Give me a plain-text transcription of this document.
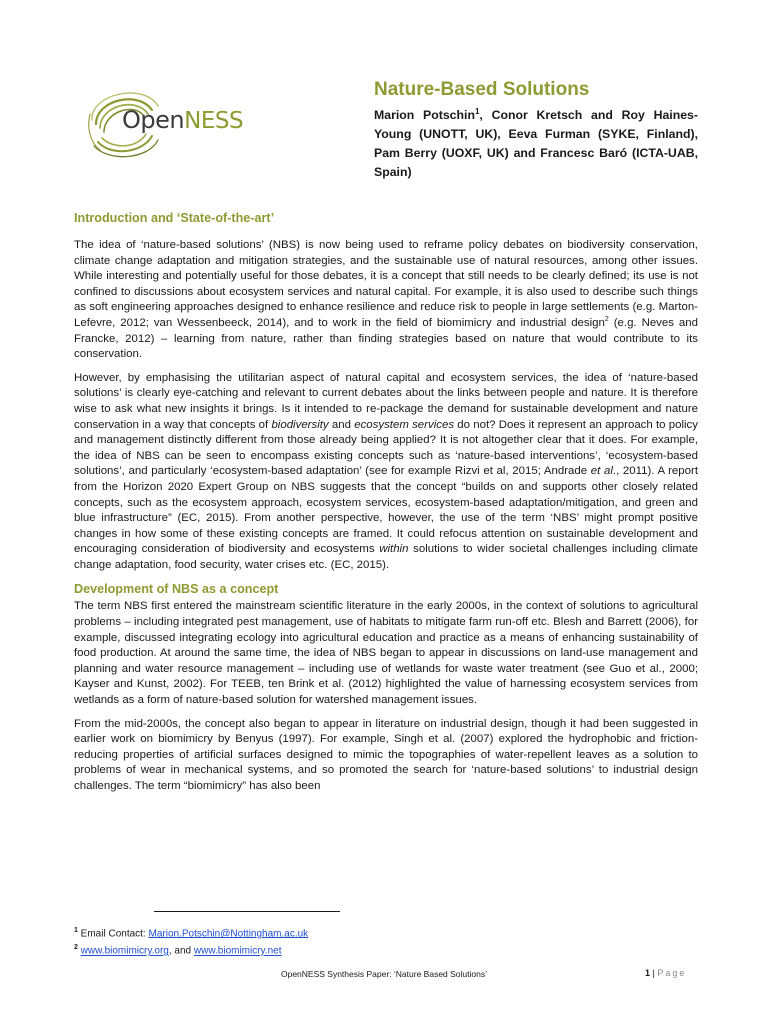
OpenNESS
Nature-Based Solutions
Marion Potschin$^1$, Conor Kretsch and Roy Haines-Young (UNOTT, UK), Eeva Furman (SYKE, Finland), Pam Berry (UOXF, UK) and Francesc Baró (ICTA-UAB, Spain)
Introduction and ‘State-of-the-art’

The idea of ‘nature-based solutions’ (NBS) is now being used to reframe policy debates on biodiversity conservation, climate change adaptation and mitigation strategies, and the sustainable use of natural resources, among other issues. While interesting and potentially useful for those debates, it is a concept that still needs to be clearly defined; its use is not confined to discussions about ecosystem services and natural capital. For example, it is also used to describe such things as soft engineering approaches designed to enhance resilience and reduce risk to people in large settlements (e.g. Marton-Lefevre, 2012; van Wessenbeeck, 2014), and to work in the field of biomimicry and industrial design$^2$ (e.g. Neves and Francke, 2012) – learning from nature, rather than finding strategies based on nature that would contribute to its conservation.

However, by emphasising the utilitarian aspect of natural capital and ecosystem services, the idea of ‘nature-based solutions’ is clearly eye-catching and relevant to current debates about the links between people and nature. It is therefore wise to ask what new insights it brings. Is it intended to re-package the demand for sustainable development and nature conservation in a way that concepts of biodiversity and ecosystem services do not? Does it represent an approach to policy and management distinctly different from those already being applied? It is not altogether clear that it does. For example, the idea of NBS can be seen to encompass existing concepts such as ‘nature-based interventions’, ‘ecosystem-based solutions’, and particularly ‘ecosystem-based adaptation’ (see for example Rizvi et al, 2015; Andrade et al., 2011). A report from the Horizon 2020 Expert Group on NBS suggests that the concept “builds on and supports other closely related concepts, such as the ecosystem approach, ecosystem services, ecosystem-based adaptation/mitigation, and green and blue infrastructure” (EC, 2015). From another perspective, however, the use of the term ‘NBS’ might prompt positive changes in how some of these existing concepts are framed. It could refocus attention on sustainable development and encouraging consideration of biodiversity and ecosystems within solutions to wider societal challenges including climate change adaptation, food security, water crises etc. (EC, 2015).

Development of NBS as a concept

The term NBS first entered the mainstream scientific literature in the early 2000s, in the context of solutions to agricultural problems – including integrated pest management, use of habitats to mitigate farm run-off etc. Blesh and Barrett (2006), for example, discussed integrating ecology into agricultural education and practice as a means of enhancing sustainability of food production. At around the same time, the idea of NBS began to appear in discussions on land-use management and planning and water resource management – including use of wetlands for waste water treatment (see Guo et al., 2000; Kayser and Kunst, 2002). For TEEB, ten Brink et al. (2012) highlighted the value of harnessing ecosystem services from wetlands as a form of nature-based solution for watershed management issues.

From the mid-2000s, the concept also began to appear in literature on industrial design, though it had been suggested in earlier work on biomimicry by Benyus (1997). For example, Singh et al. (2007) explored the hydrophobic and friction-reducing properties of artificial surfaces designed to mimic the topographies of water-repellent leaves as a solution to problems of wear in mechanical systems, and so promoted the search for ‘nature-based solutions’ to industrial design challenges. The term “biomimicry” has also been

$^1$ Email Contact: Marion.Potschin@Nottingham.ac.uk
$^2$ www.biomimicry.org, and www.biomimicry.net
OpenNESS Synthesis Paper: ‘Nature Based Solutions’	1 | Page
